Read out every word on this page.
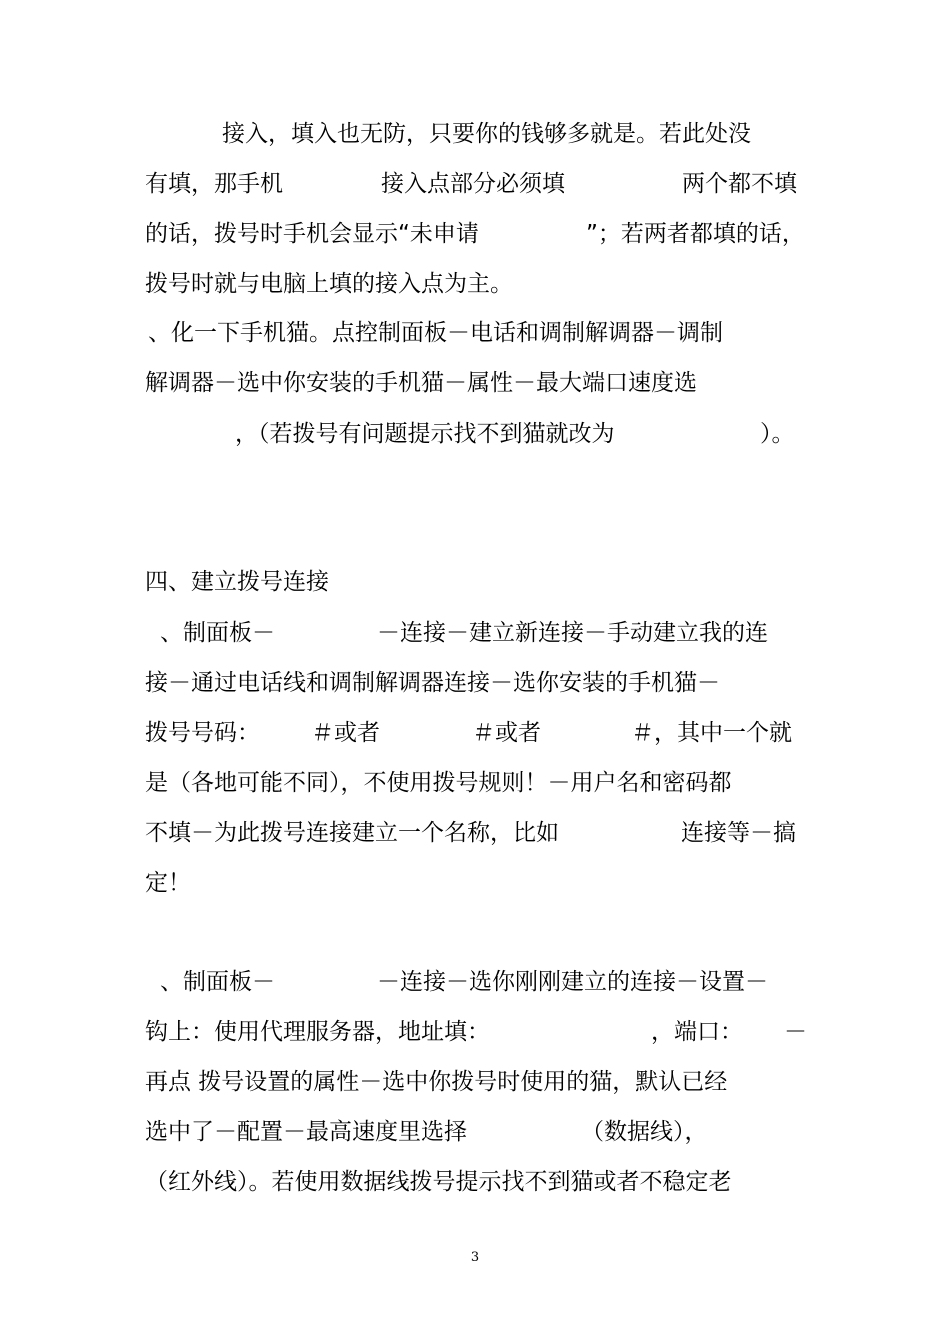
接入，填入也无防，只要你的钱够多就是。若此处没
有填，那手机	接入点部分必须填	两个都不填
的话，拨号时手机会显示“未申请	”；若两者都填的话，
拨号时就与电脑上填的接入点为主。
、化一下手机猫。点控制面板－电话和调制解调器－调制
解调器－选中你安装的手机猫－属性－最大端口速度选
，（若拨号有问题提示找不到猫就改为	）。
四、建立拨号连接
、制面板－	－连接－建立新连接－手动建立我的连
接－通过电话线和调制解调器连接－选你安装的手机猫－
拨号号码： ＃或者	＃或者	＃，其中一个就
是（各地可能不同），不使用拨号规则！－用户名和密码都
不填－为此拨号连接建立一个名称，比如	连接等－搞
定！
、制面板－	－连接－选你刚刚建立的连接－设置－
钩上：使用代理服务器，地址填：	，端口： －
再点 拨号设置的属性－选中你拨号时使用的猫，默认已经
选中了－配置－最高速度里选择	（数据线），
（红外线）。若使用数据线拨号提示找不到猫或者不稳定老
3
